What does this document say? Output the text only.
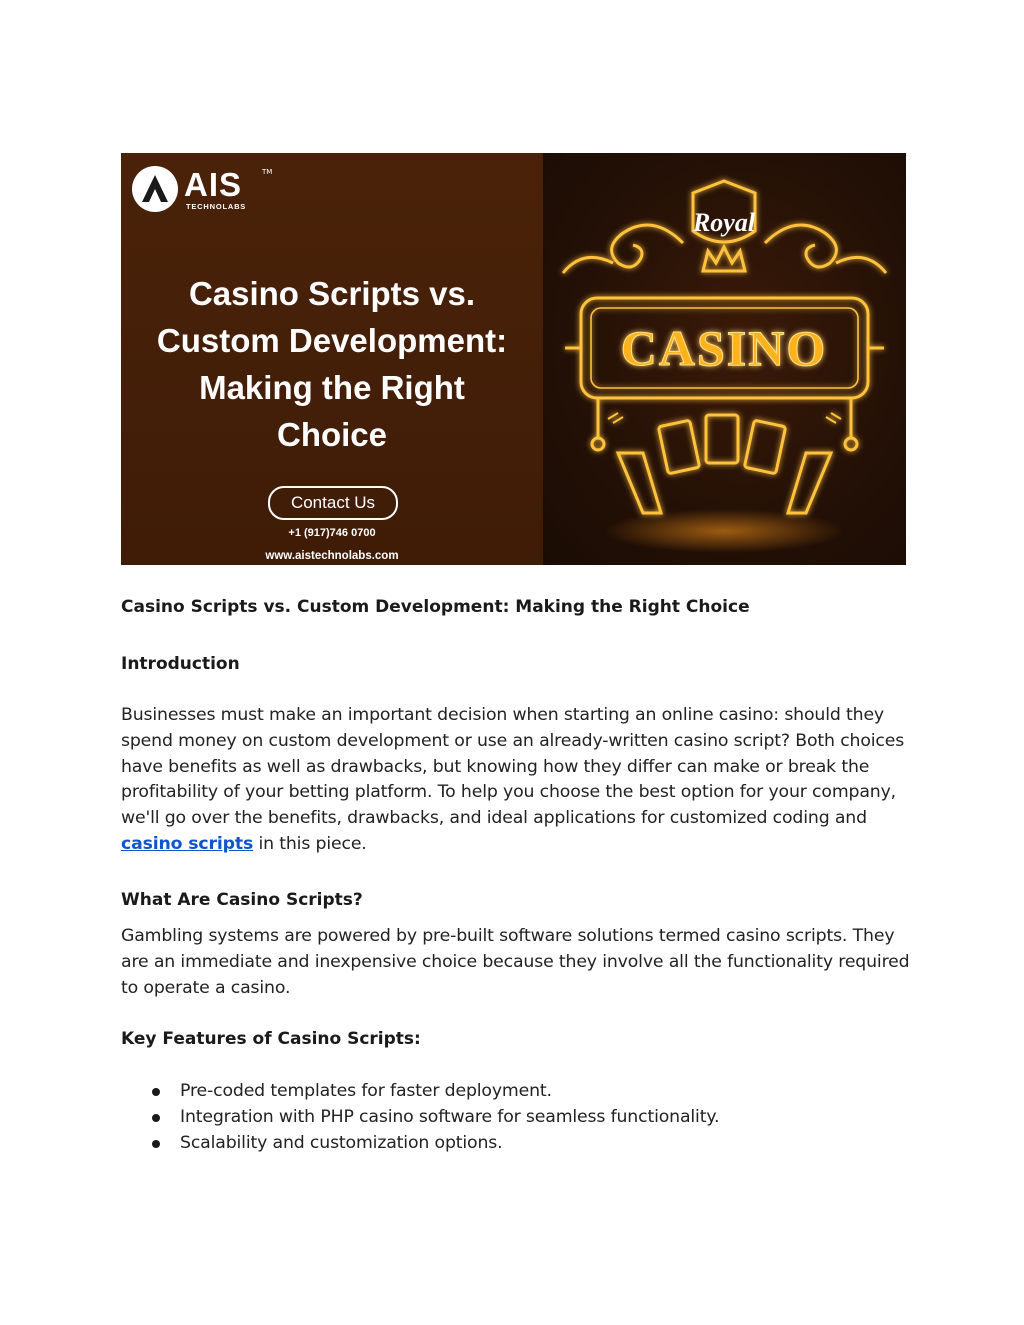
AIS	TM
TECHNOLABS
Casino Scripts vs.
Custom Development:
Making the Right
Choice
Contact Us
+1 (917)746 0700
www.aistechnolabs.com
Royal
CASINO
Casino Scripts vs. Custom Development: Making the Right Choice
Introduction

Businesses must make an important decision when starting an online casino: should they spend money on custom development or use an already-written casino script? Both choices have benefits as well as drawbacks, but knowing how they differ can make or break the profitability of your betting platform. To help you choose the best option for your company, we'll go over the benefits, drawbacks, and ideal applications for customized coding and casino scripts in this piece.

What Are Casino Scripts?

Gambling systems are powered by pre-built software solutions termed casino scripts. They are an immediate and inexpensive choice because they involve all the functionality required to operate a casino.

Key Features of Casino Scripts:
Pre-coded templates for faster deployment.
Integration with PHP casino software for seamless functionality.
Scalability and customization options.
